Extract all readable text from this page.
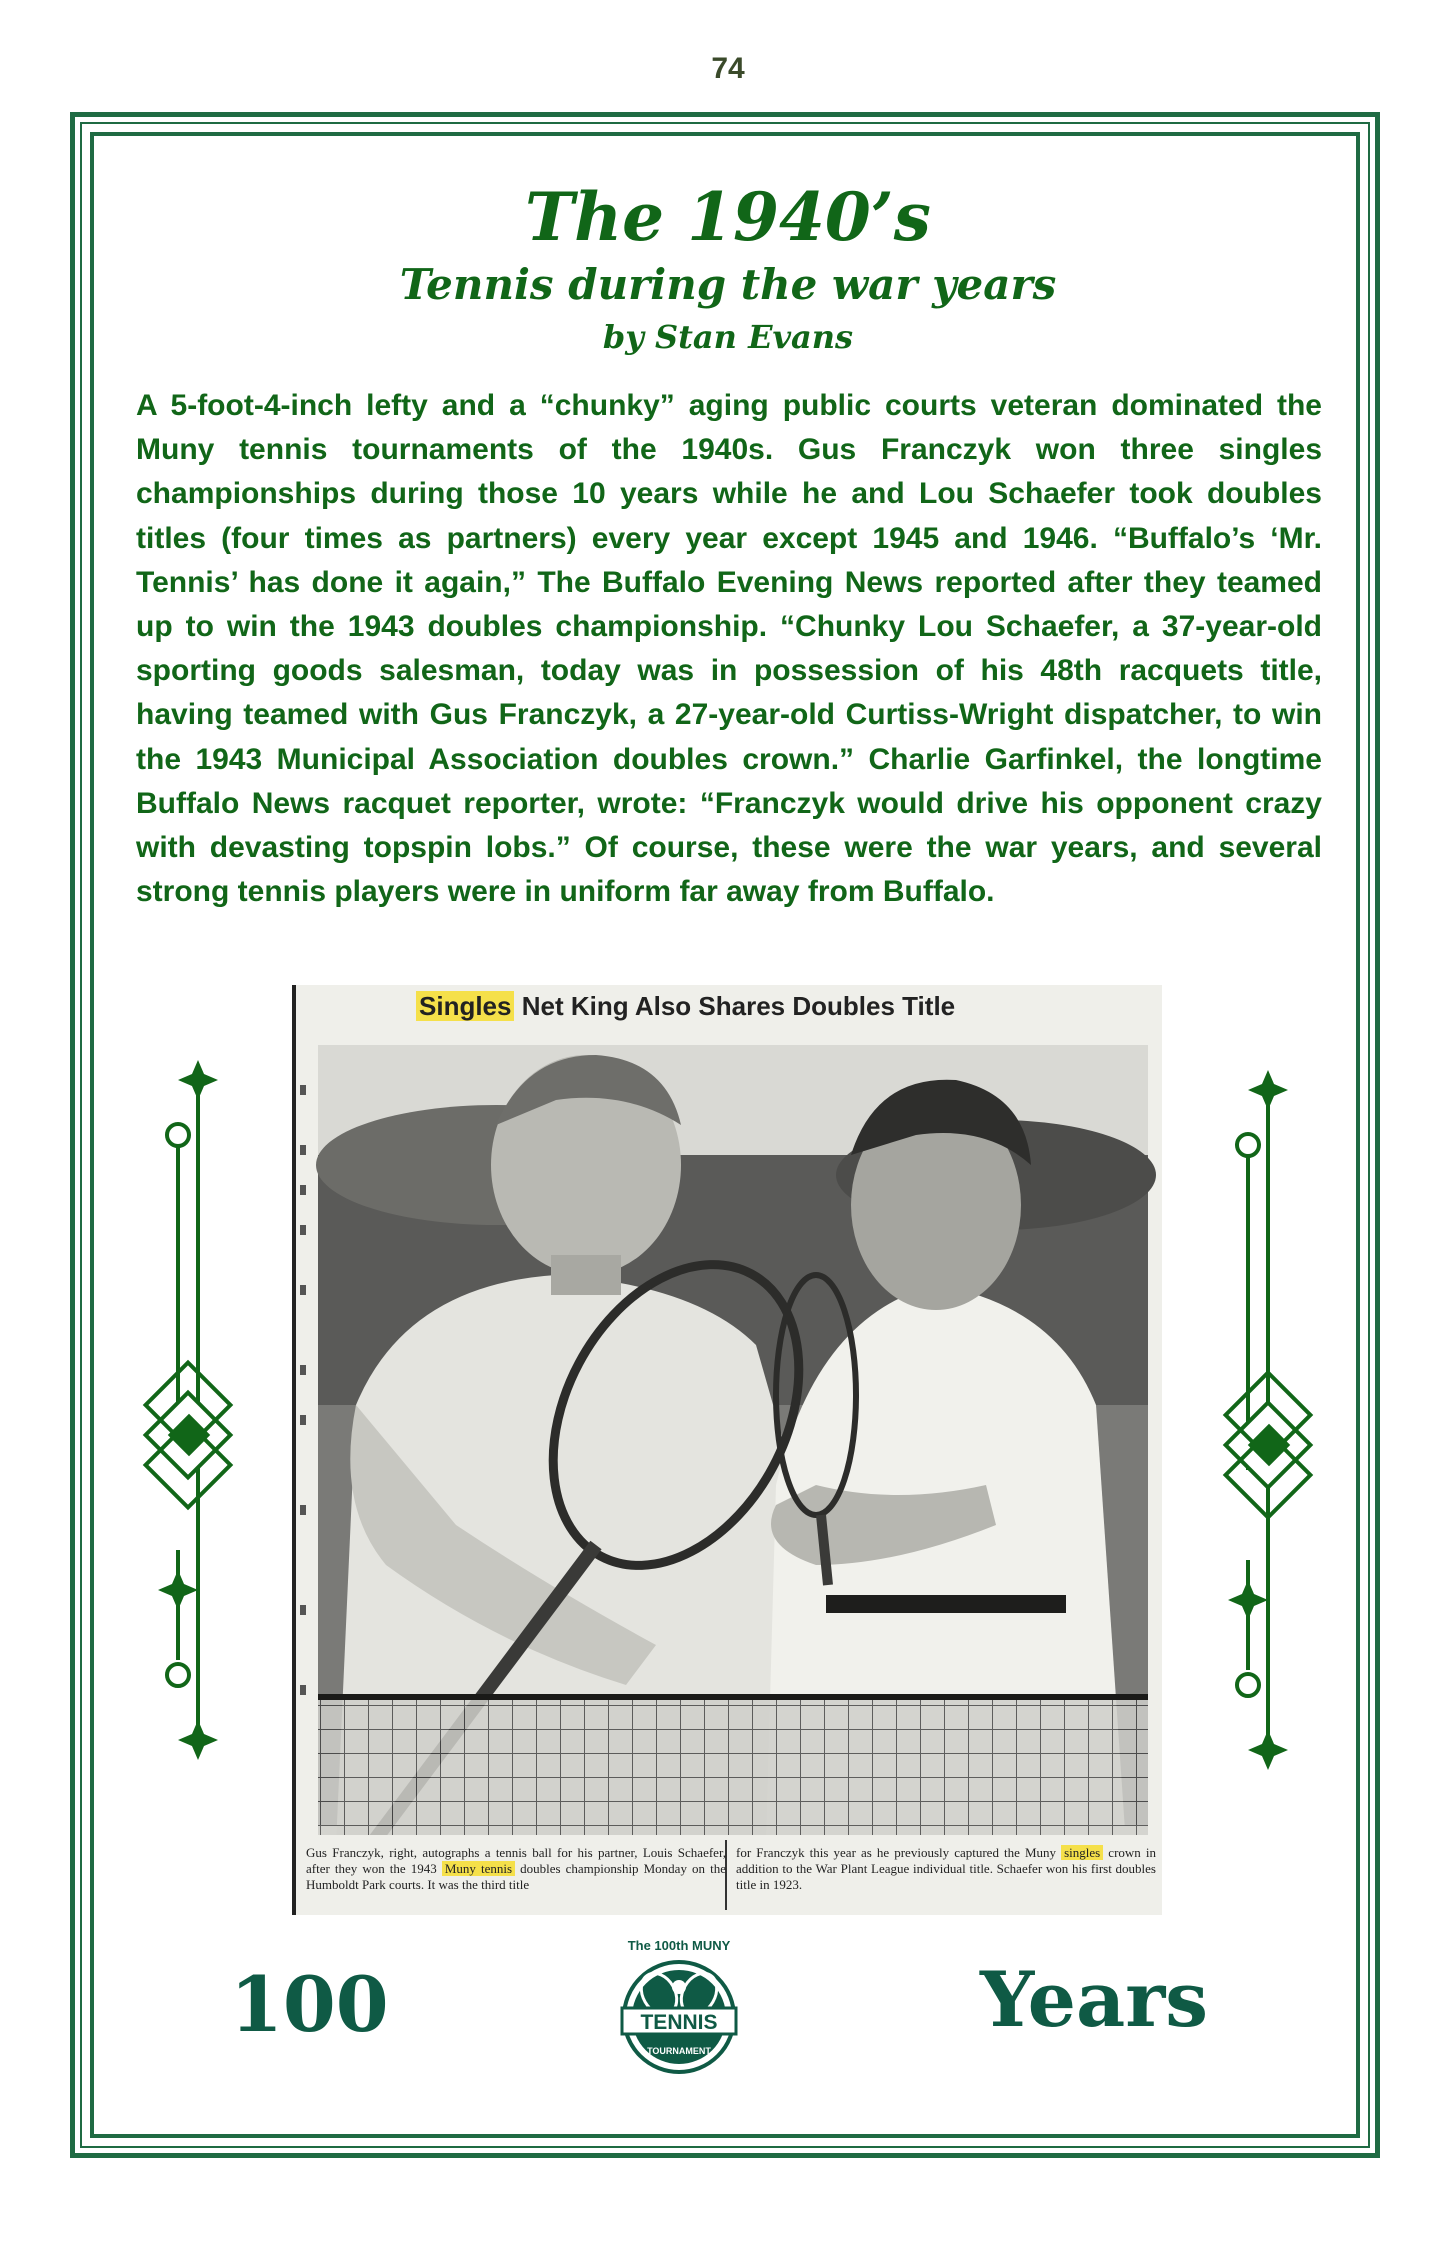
74
The 1940’s
Tennis during the war years
by Stan Evans

A 5-foot-4-inch lefty and a “chunky” aging public courts veteran dominated the Muny tennis tournaments of the 1940s. Gus Franczyk won three singles championships during those 10 years while he and Lou Schaefer took doubles titles (four times as partners) every year except 1945 and 1946. “Buffalo’s ‘Mr. Tennis’ has done it again,” The Buffalo Evening News reported after they teamed up to win the 1943 doubles championship. “Chunky Lou Schaefer, a 37-year-old sporting goods salesman, today was in possession of his 48th racquets title, having teamed with Gus Franczyk, a 27-year-old Curtiss-Wright dispatcher, to win the 1943 Municipal Association doubles crown.” Charlie Garfinkel, the longtime Buffalo News racquet reporter, wrote: “Franczyk would drive his opponent crazy with devasting topspin lobs.” Of course, these were the war years, and several strong tennis players were in uniform far away from Buffalo.

Singles Net King Also Shares Doubles Title
Gus Franczyk, right, autographs a tennis ball for his partner, Louis Schaefer, after they won the 1943 Muny tennis doubles championship Monday on the Humboldt Park courts. It was the third title
for Franczyk this year as he previously captured the Muny singles crown in addition to the War Plant League individual title. Schaefer won his first doubles title in 1923.
100
The 100th MUNY
TENNIS
TOURNAMENT
Years
